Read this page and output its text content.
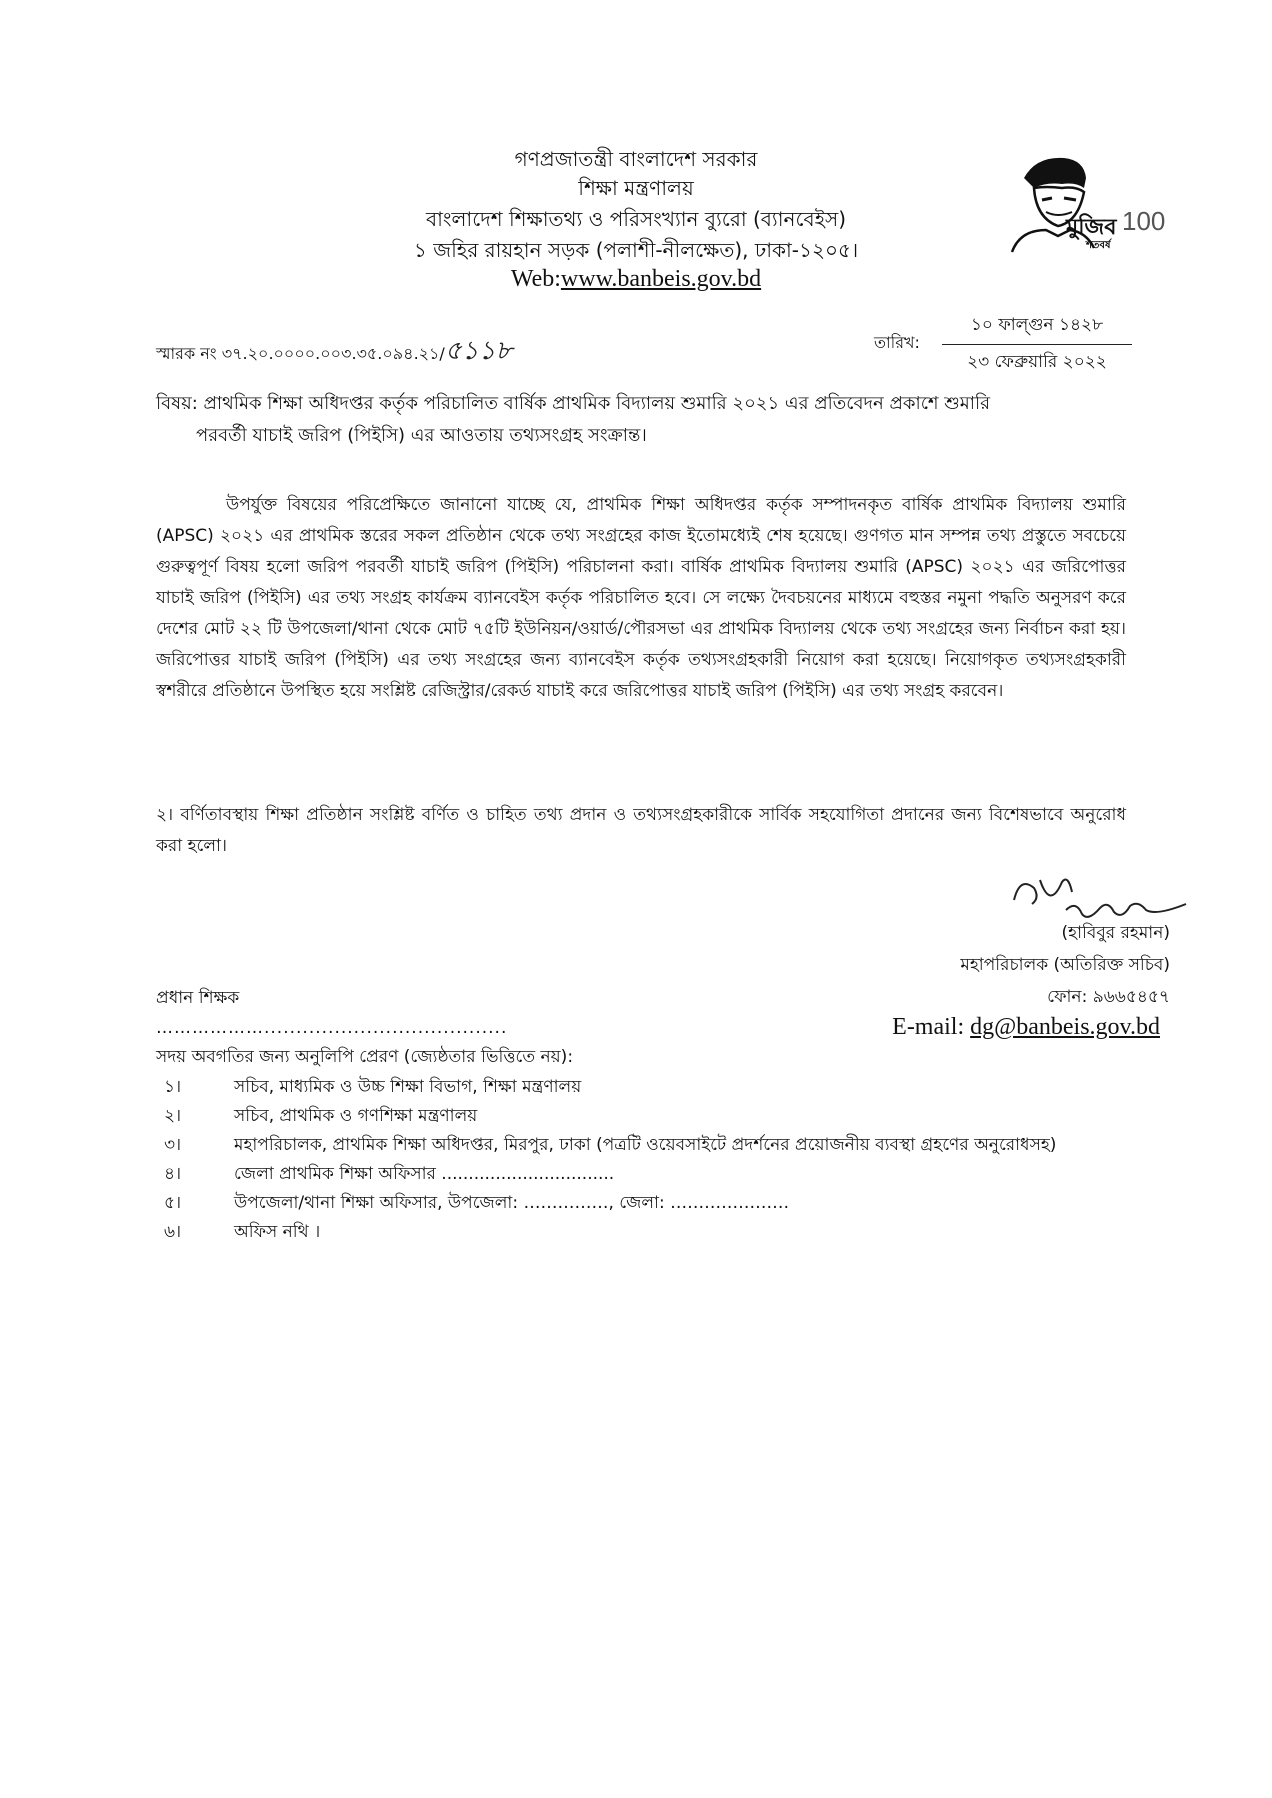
গণপ্রজাতন্ত্রী বাংলাদেশ সরকার
শিক্ষা মন্ত্রণালয়
বাংলাদেশ শিক্ষাতথ্য ও পরিসংখ্যান ব্যুরো (ব্যানবেইস)
১ জহির রায়হান সড়ক (পলাশী-নীলক্ষেত), ঢাকা-১২০৫।
Web:www.banbeis.gov.bd
মুজিব 100
শতবর্ষ
স্মারক নং ৩৭.২০.০০০০.০০৩.৩৫.০৯৪.২১/৫১১৮	তারিখ:
১০ ফাল্গুন ১৪২৮
২৩ ফেব্রুয়ারি ২০২২
বিষয়: প্রাথমিক শিক্ষা অধিদপ্তর কর্তৃক পরিচালিত বার্ষিক প্রাথমিক বিদ্যালয় শুমারি ২০২১ এর প্রতিবেদন প্রকাশে শুমারি
পরবর্তী যাচাই জরিপ (পিইসি) এর আওতায় তথ্যসংগ্রহ সংক্রান্ত।
উপর্যুক্ত বিষয়ের পরিপ্রেক্ষিতে জানানো যাচ্ছে যে, প্রাথমিক শিক্ষা অধিদপ্তর কর্তৃক সম্পাদনকৃত বার্ষিক প্রাথমিক বিদ্যালয় শুমারি (APSC) ২০২১ এর প্রাথমিক স্তরের সকল প্রতিষ্ঠান থেকে তথ্য সংগ্রহের কাজ ইতোমধ্যেই শেষ হয়েছে। গুণগত মান সম্পন্ন তথ্য প্রস্তুতে সবচেয়ে গুরুত্বপূর্ণ বিষয় হলো জরিপ পরবর্তী যাচাই জরিপ (পিইসি) পরিচালনা করা। বার্ষিক প্রাথমিক বিদ্যালয় শুমারি (APSC) ২০২১ এর জরিপোত্তর যাচাই জরিপ (পিইসি) এর তথ্য সংগ্রহ কার্যক্রম ব্যানবেইস কর্তৃক পরিচালিত হবে। সে লক্ষ্যে দৈবচয়নের মাধ্যমে বহুস্তর নমুনা পদ্ধতি অনুসরণ করে দেশের মোট ২২ টি উপজেলা/থানা থেকে মোট ৭৫টি ইউনিয়ন/ওয়ার্ড/পৌরসভা এর প্রাথমিক বিদ্যালয় থেকে তথ্য সংগ্রহের জন্য নির্বাচন করা হয়। জরিপোত্তর যাচাই জরিপ (পিইসি) এর তথ্য সংগ্রহের জন্য ব্যানবেইস কর্তৃক তথ্যসংগ্রহকারী নিয়োগ করা হয়েছে। নিয়োগকৃত তথ্যসংগ্রহকারী স্বশরীরে প্রতিষ্ঠানে উপস্থিত হয়ে সংশ্লিষ্ট রেজিস্ট্রার/রেকর্ড যাচাই করে জরিপোত্তর যাচাই জরিপ (পিইসি) এর তথ্য সংগ্রহ করবেন।
২। বর্ণিতাবস্থায় শিক্ষা প্রতিষ্ঠান সংশ্লিষ্ট বর্ণিত ও চাহিত তথ্য প্রদান ও তথ্যসংগ্রহকারীকে সার্বিক সহযোগিতা প্রদানের জন্য বিশেষভাবে অনুরোধ করা হলো।
(হাবিবুর রহমান)
মহাপরিচালক (অতিরিক্ত সচিব)
ফোন: ৯৬৬৫৪৫৭
E-mail: dg@banbeis.gov.bd
প্রধান শিক্ষক
………………......................................
সদয় অবগতির জন্য অনুলিপি প্রেরণ (জ্যেষ্ঠতার ভিত্তিতে নয়):
১।	সচিব, মাধ্যমিক ও উচ্চ শিক্ষা বিভাগ, শিক্ষা মন্ত্রণালয়
২।	সচিব, প্রাথমিক ও গণশিক্ষা মন্ত্রণালয়
৩।	মহাপরিচালক, প্রাথমিক শিক্ষা অধিদপ্তর, মিরপুর, ঢাকা (পত্রটি ওয়েবসাইটে প্রদর্শনের প্রয়োজনীয় ব্যবস্থা গ্রহণের অনুরোধসহ)
৪।	জেলা প্রাথমিক শিক্ষা অফিসার ................................
৫।	উপজেলা/থানা শিক্ষা অফিসার, উপজেলা: ……………, জেলা: …………………
৬।	অফিস নথি ।
